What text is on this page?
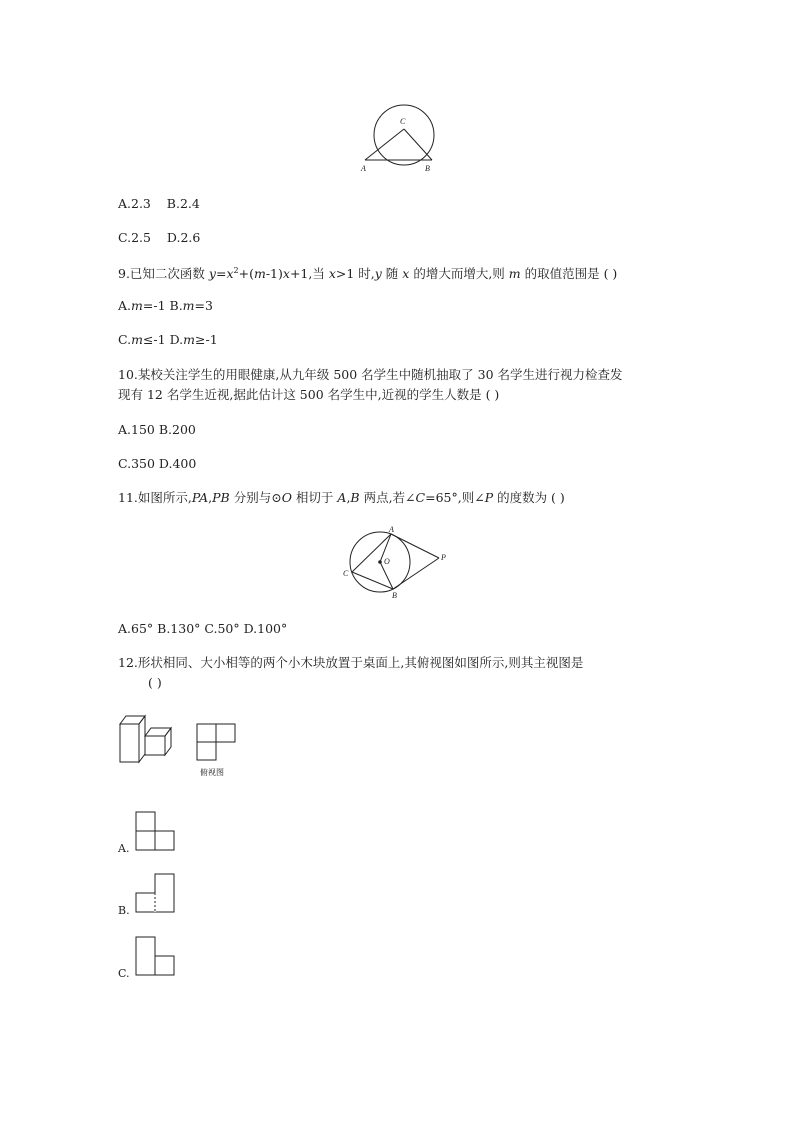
C
A	B
A.2.3 B.2.4
C.2.5 D.2.6
9.已知二次函数 $y=x^2+(m-1)x+1$,当 x>1 时,y 随 x 的增大而增大,则 m 的取值范围是 ( )
A.m=-1 B.m=3
C.m≤-1 D.m≥-1
10.某校关注学生的用眼健康,从九年级 500 名学生中随机抽取了 30 名学生进行视力检查发
现有 12 名学生近视,据此估计这 500 名学生中,近视的学生人数是 ( )
A.150 B.200
C.350 D.400
11.如图所示,PA,PB 分别与⊙O 相切于 A,B 两点,若∠C=65°,则∠P 的度数为 ( )
A
O
C
B
P
A.65° B.130° C.50° D.100°
12.形状相同、大小相等的两个小木块放置于桌面上,其俯视图如图所示,则其主视图是
( )
俯视图
A.
B.
C.
